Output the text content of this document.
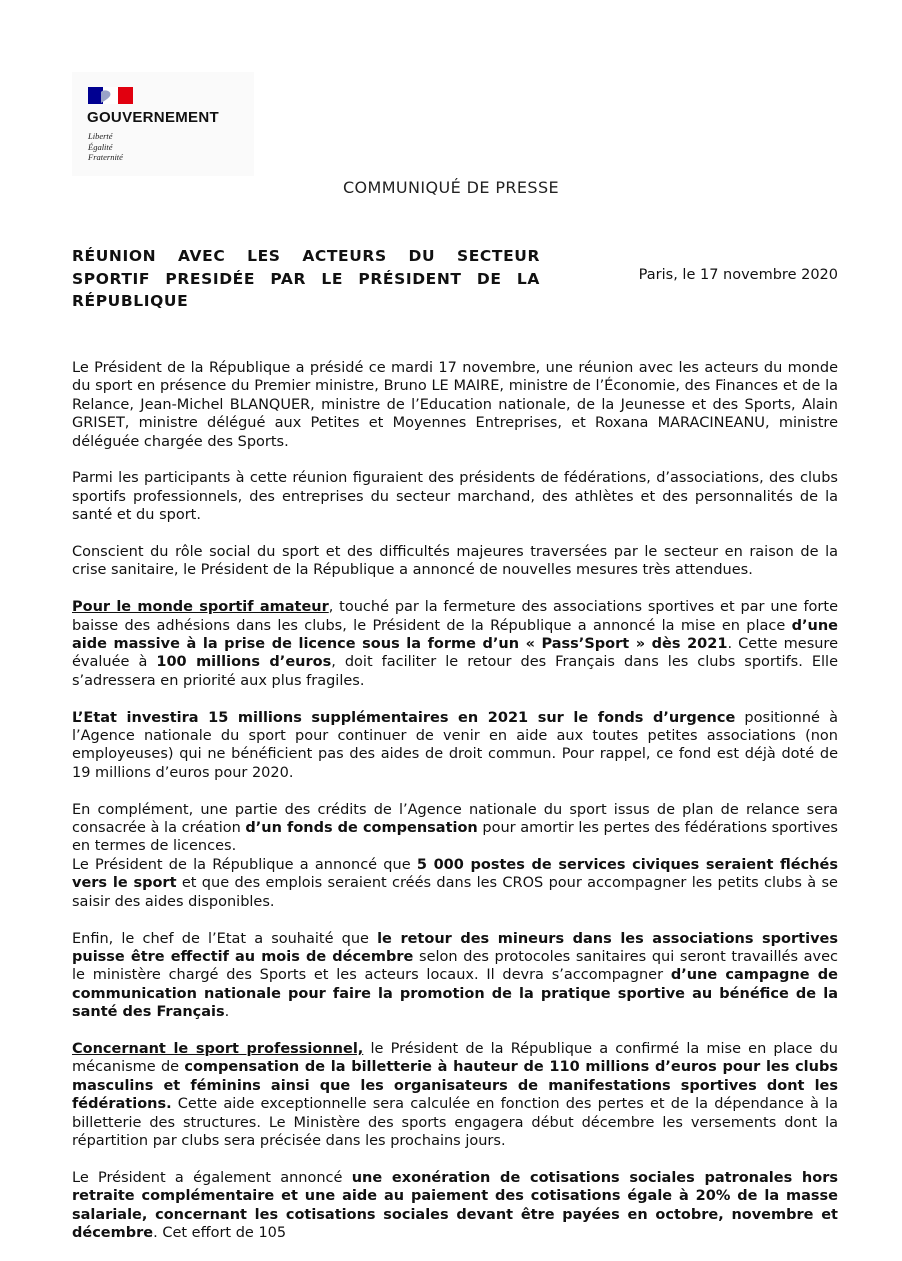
GOUVERNEMENT
Liberté
Égalité
Fraternité
COMMUNIQUÉ DE PRESSE
RÉUNION AVEC LES ACTEURS DU SECTEUR SPORTIF PRESIDÉE PAR LE PRÉSIDENT DE LA RÉPUBLIQUE
Paris, le 17 novembre 2020

Le Président de la République a présidé ce mardi 17 novembre, une réunion avec les acteurs du monde du sport en présence du Premier ministre, Bruno LE MAIRE, ministre de l’Économie, des Finances et de la Relance, Jean-Michel BLANQUER, ministre de l’Education nationale, de la Jeunesse et des Sports, Alain GRISET, ministre délégué aux Petites et Moyennes Entreprises, et Roxana MARACINEANU, ministre déléguée chargée des Sports.

Parmi les participants à cette réunion figuraient des présidents de fédérations, d’associations, des clubs sportifs professionnels, des entreprises du secteur marchand, des athlètes et des personnalités de la santé et du sport.

Conscient du rôle social du sport et des difficultés majeures traversées par le secteur en raison de la crise sanitaire, le Président de la République a annoncé de nouvelles mesures très attendues.

Pour le monde sportif amateur, touché par la fermeture des associations sportives et par une forte baisse des adhésions dans les clubs, le Président de la République a annoncé la mise en place d’une aide massive à la prise de licence sous la forme d’un « Pass’Sport » dès 2021. Cette mesure évaluée à 100 millions d’euros, doit faciliter le retour des Français dans les clubs sportifs. Elle s’adressera en priorité aux plus fragiles.

L’Etat investira 15 millions supplémentaires en 2021 sur le fonds d’urgence positionné à l’Agence nationale du sport pour continuer de venir en aide aux toutes petites associations (non employeuses) qui ne bénéficient pas des aides de droit commun. Pour rappel, ce fond est déjà doté de 19 millions d’euros pour 2020.

En complément, une partie des crédits de l’Agence nationale du sport issus de plan de relance sera consacrée à la création d’un fonds de compensation pour amortir les pertes des fédérations sportives en termes de licences.

Le Président de la République a annoncé que 5 000 postes de services civiques seraient fléchés vers le sport et que des emplois seraient créés dans les CROS pour accompagner les petits clubs à se saisir des aides disponibles.

Enfin, le chef de l’Etat a souhaité que le retour des mineurs dans les associations sportives puisse être effectif au mois de décembre selon des protocoles sanitaires qui seront travaillés avec le ministère chargé des Sports et les acteurs locaux. Il devra s’accompagner d’une campagne de communication nationale pour faire la promotion de la pratique sportive au bénéfice de la santé des Français.

Concernant le sport professionnel, le Président de la République a confirmé la mise en place du mécanisme de compensation de la billetterie à hauteur de 110 millions d’euros pour les clubs masculins et féminins ainsi que les organisateurs de manifestations sportives dont les fédérations. Cette aide exceptionnelle sera calculée en fonction des pertes et de la dépendance à la billetterie des structures. Le Ministère des sports engagera début décembre les versements dont la répartition par clubs sera précisée dans les prochains jours.

Le Président a également annoncé une exonération de cotisations sociales patronales hors retraite complémentaire et une aide au paiement des cotisations égale à 20% de la masse salariale, concernant les cotisations sociales devant être payées en octobre, novembre et décembre. Cet effort de 105
